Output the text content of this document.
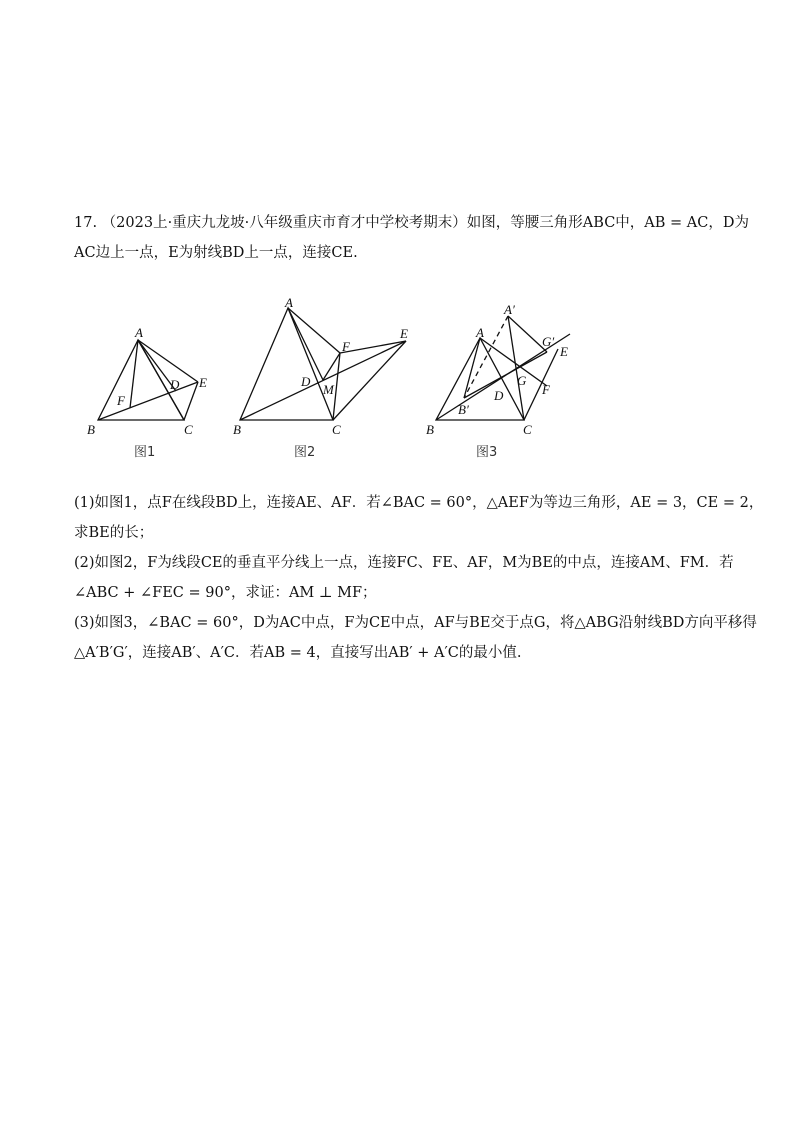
17. （2023上·重庆九龙坡·八年级重庆市育才中学校考期末）如图，等腰三角形ABC中，AB = AC，D为
AC边上一点，E为射线BD上一点，连接CE.
A
B	C
D E
F
图1
A
B	C
D
E
F
M
图2
A
B	C
D
E
F
G
A′
B′
G′
图3
(1)如图1，点F在线段BD上，连接AE、AF．若∠BAC = 60°，△AEF为等边三角形，AE = 3，CE = 2，
求BE的长；
(2)如图2，F为线段CE的垂直平分线上一点，连接FC、FE、AF，M为BE的中点，连接AM、FM．若
∠ABC + ∠FEC = 90°，求证：AM ⊥ MF；
(3)如图3，∠BAC = 60°，D为AC中点，F为CE中点，AF与BE交于点G，将△ABG沿射线BD方向平移得
△A′B′G′，连接AB′、A′C．若AB = 4，直接写出AB′ + A′C的最小值.
